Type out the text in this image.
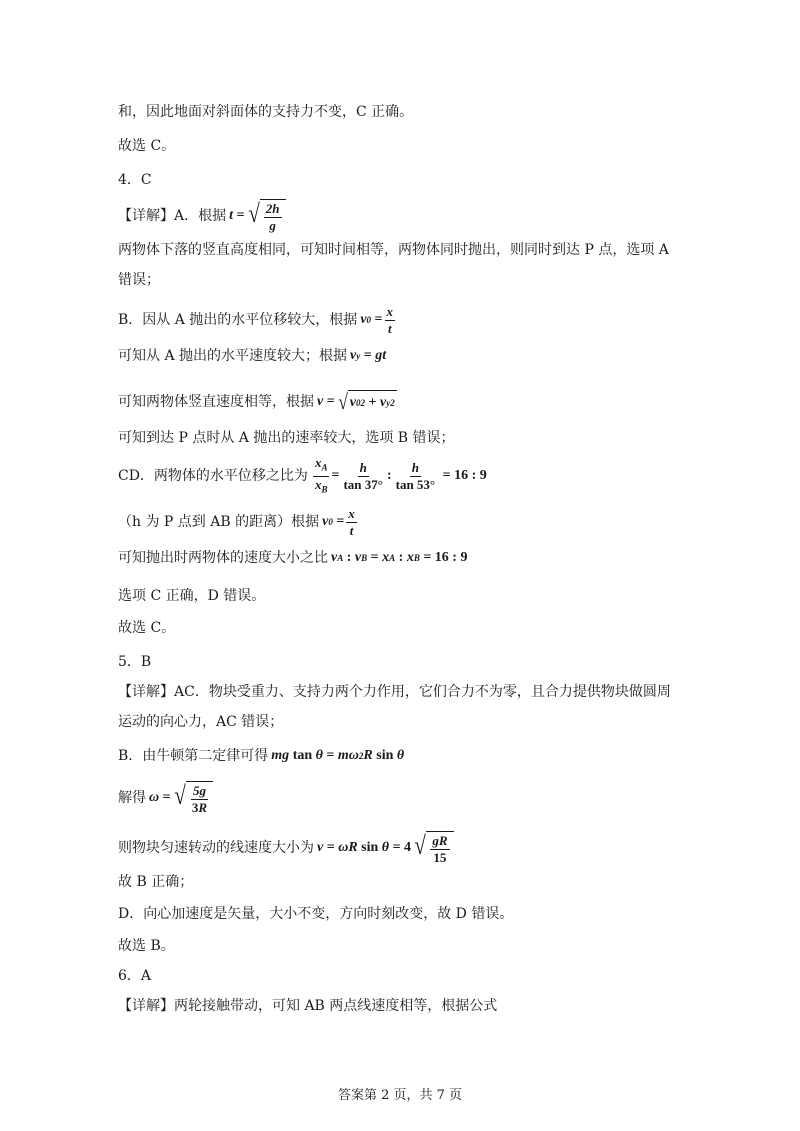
和，因此地面对斜面体的支持力不变，C 正确。
故选 C。
4．C
【详解】A．根据 t = √ $\frac{2h}{g}$
两物体下落的竖直高度相同，可知时间相等，两物体同时抛出，则同时到达 P 点，选项 A
错误；
B．因从 A 抛出的水平位移较大，根据 v $0 = \frac{x}{t}$
可知从 A 抛出的水平速度较大；根据 v y = gt
可知两物体竖直速度相等，根据 v = √ v 0 2 + v y 2
可知到达 P 点时从 A 抛出的速率较大，选项 B 错误；
CD．两物体的水平位移之比为 $\frac{x_A}{x_B} = \frac{h}{\tan 37^\circ}$ : $\frac{h}{\tan 53^\circ} = 16$ : 9
（h 为 P 点到 AB 的距离）根据 v $0 = \frac{x}{t}$
可知抛出时两物体的速度大小之比 v A : v B = x A : x B = 16 : 9
选项 C 正确，D 错误。
故选 C。
5．B
【详解】AC．物块受重力、支持力两个力作用，它们合力不为零，且合力提供物块做圆周
运动的向心力，AC 错误；
B．由牛顿第二定律可得 mg tan θ = mω 2 R sin θ
解得 ω = √ $\frac{5g}{3R}$
则物块匀速转动的线速度大小为 v = ωR sin θ = 4 √ $\frac{gR}{15}$
故 B 正确；
D．向心加速度是矢量，大小不变，方向时刻改变，故 D 错误。
故选 B。
6．A
【详解】两轮接触带动，可知 AB 两点线速度相等，根据公式
答案第 2 页，共 7 页
